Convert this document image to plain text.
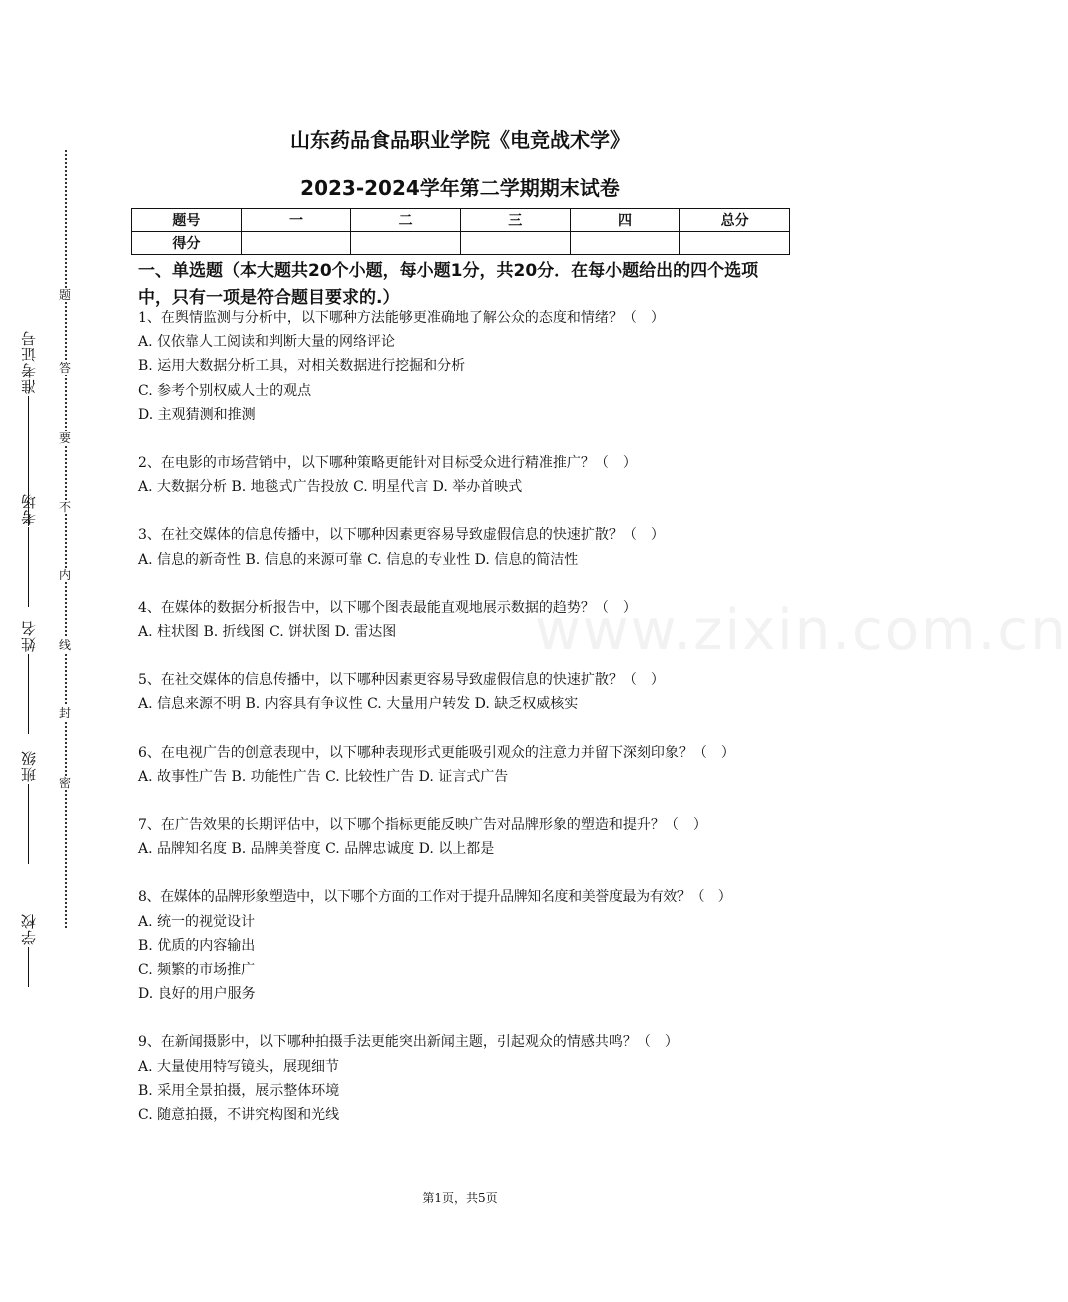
准考证号
考场
姓名
班级
学校
题
答
要
不
内
线
封
密
山东药品食品职业学院《电竞战术学》
2023-2024学年第二学期期末试卷
题号	一	二	三	四	总分
得分					
一、单选题（本大题共20个小题，每小题1分，共20分．在每小题给出的四个选项中，只有一项是符合题目要求的.）

1、在舆情监测与分析中，以下哪种方法能够更准确地了解公众的态度和情绪？（　）

A. 仅依靠人工阅读和判断大量的网络评论

B. 运用大数据分析工具，对相关数据进行挖掘和分析

C. 参考个别权威人士的观点

D. 主观猜测和推测

2、在电影的市场营销中，以下哪种策略更能针对目标受众进行精准推广？（　）

A. 大数据分析 B. 地毯式广告投放 C. 明星代言 D. 举办首映式

3、在社交媒体的信息传播中，以下哪种因素更容易导致虚假信息的快速扩散？（　）

A. 信息的新奇性 B. 信息的来源可靠 C. 信息的专业性 D. 信息的简洁性

4、在媒体的数据分析报告中，以下哪个图表最能直观地展示数据的趋势？（　）

A. 柱状图 B. 折线图 C. 饼状图 D. 雷达图

5、在社交媒体的信息传播中，以下哪种因素更容易导致虚假信息的快速扩散？（　）

A. 信息来源不明 B. 内容具有争议性 C. 大量用户转发 D. 缺乏权威核实

6、在电视广告的创意表现中，以下哪种表现形式更能吸引观众的注意力并留下深刻印象？（　）

A. 故事性广告 B. 功能性广告 C. 比较性广告 D. 证言式广告

7、在广告效果的长期评估中，以下哪个指标更能反映广告对品牌形象的塑造和提升？（　）

A. 品牌知名度 B. 品牌美誉度 C. 品牌忠诚度 D. 以上都是

8、在媒体的品牌形象塑造中，以下哪个方面的工作对于提升品牌知名度和美誉度最为有效？（　）

A. 统一的视觉设计

B. 优质的内容输出

C. 频繁的市场推广

D. 良好的用户服务

9、在新闻摄影中，以下哪种拍摄手法更能突出新闻主题，引起观众的情感共鸣？（　）

A. 大量使用特写镜头，展现细节

B. 采用全景拍摄，展示整体环境

C. 随意拍摄，不讲究构图和光线

www.zixin.com.cn
第1页，共5页
